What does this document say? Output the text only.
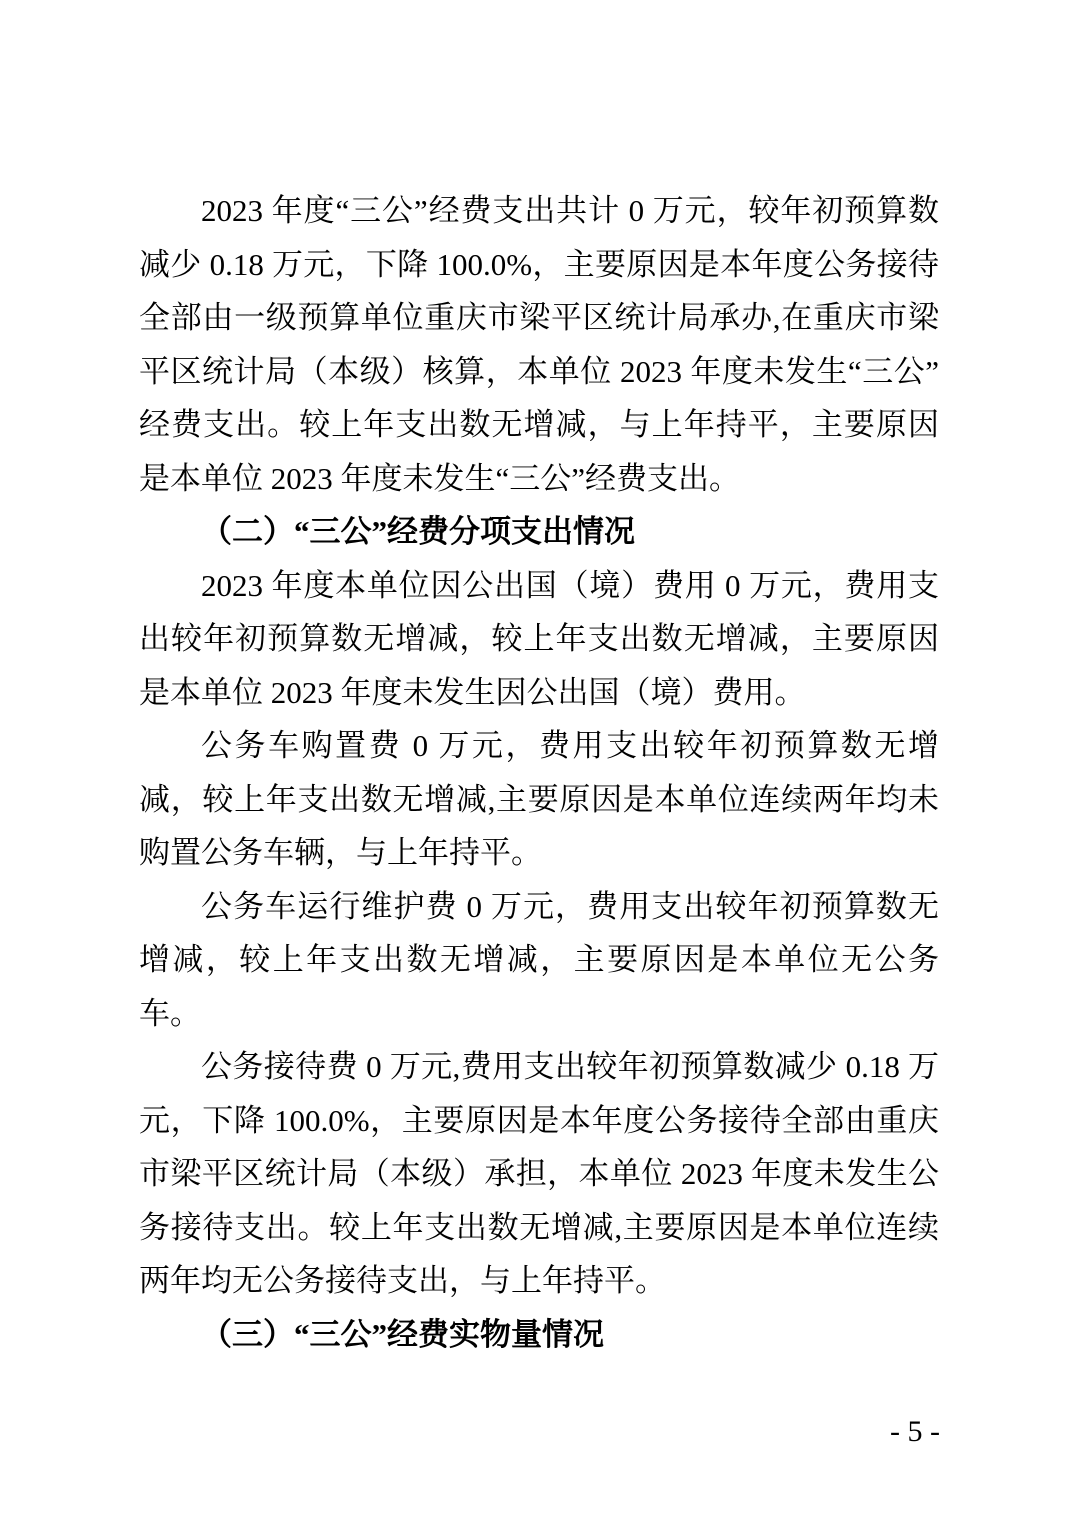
2023 年度“三公”经费支出共计 0 万元，较年初预算数减少 0.18 万元，下降 100.0%，主要原因是本年度公务接待全部由一级预算单位重庆市梁平区统计局承办,在重庆市梁平区统计局（本级）核算，本单位 2023 年度未发生“三公”经费支出。较上年支出数无增减，与上年持平，主要原因是本单位 2023 年度未发生“三公”经费支出。

（二）“三公”经费分项支出情况

2023 年度本单位因公出国（境）费用 0 万元，费用支出较年初预算数无增减，较上年支出数无增减，主要原因是本单位 2023 年度未发生因公出国（境）费用。

公务车购置费 0 万元，费用支出较年初预算数无增减，较上年支出数无增减,主要原因是本单位连续两年均未购置公务车辆，与上年持平。

公务车运行维护费 0 万元，费用支出较年初预算数无增减，较上年支出数无增减，主要原因是本单位无公务车。

公务接待费 0 万元,费用支出较年初预算数减少 0.18 万元，下降 100.0%，主要原因是本年度公务接待全部由重庆市梁平区统计局（本级）承担，本单位 2023 年度未发生公务接待支出。较上年支出数无增减,主要原因是本单位连续两年均无公务接待支出，与上年持平。

（三）“三公”经费实物量情况
- 5 -
